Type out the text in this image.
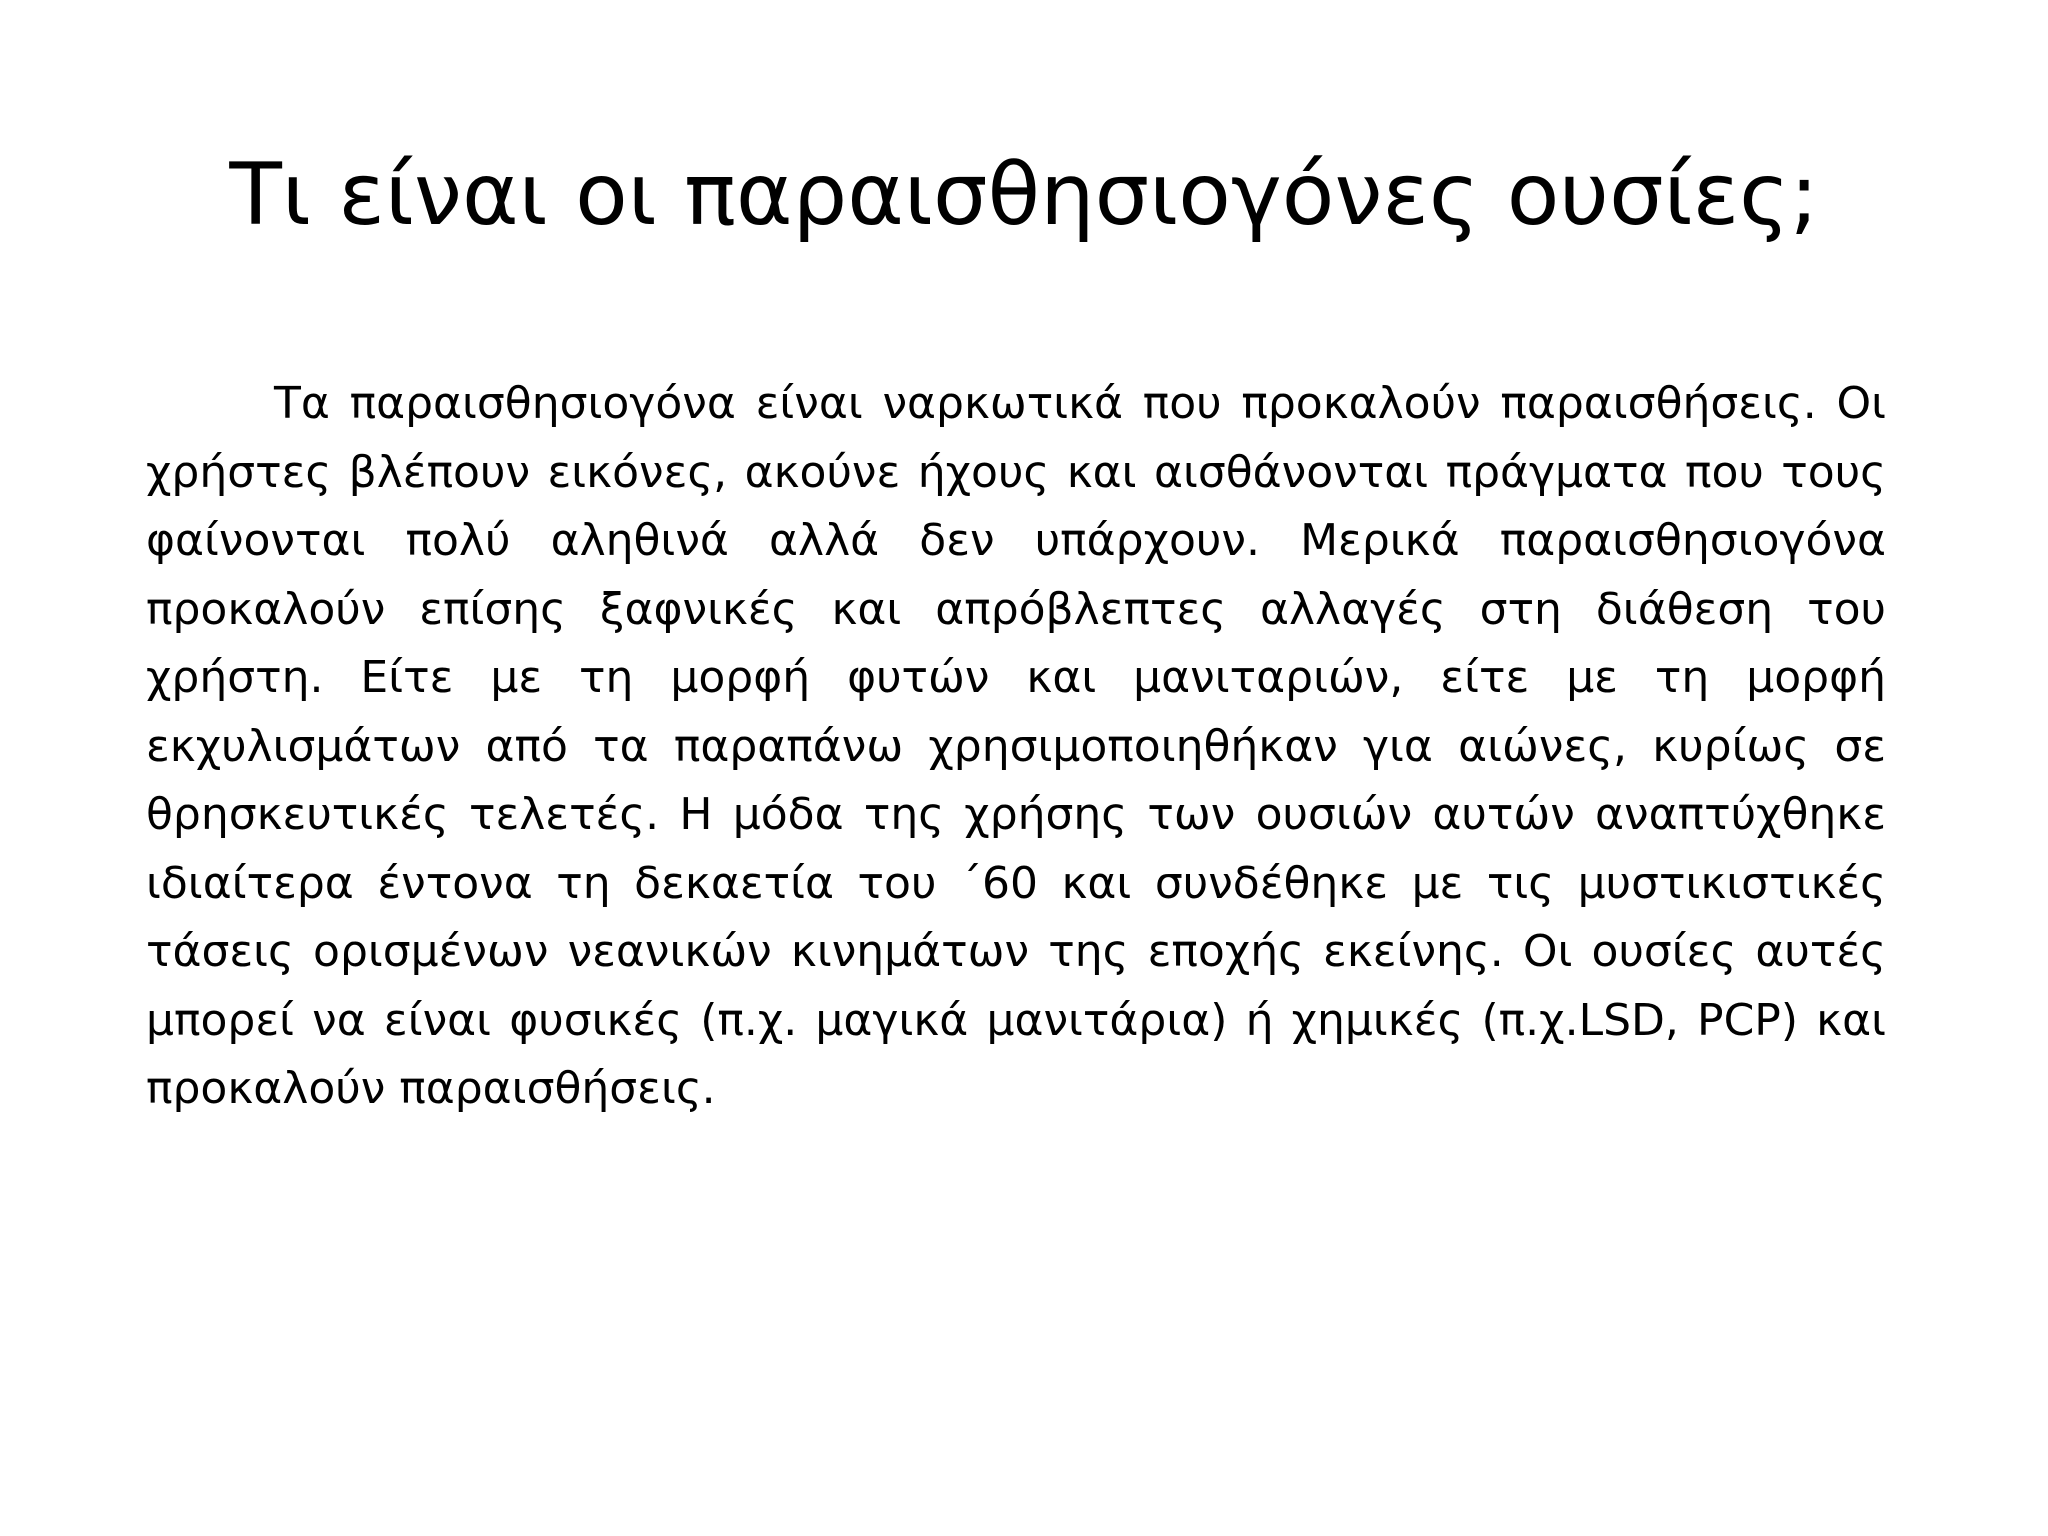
Τι είναι οι παραισθησιογόνες ουσίες;

Τα παραισθησιογόνα είναι ναρκωτικά που προκαλούν παραισθήσεις. Οι χρήστες βλέπουν εικόνες, ακούνε ήχους και αισθάνονται πράγματα που τους φαίνονται πολύ αληθινά αλλά δεν υπάρχουν. Μερικά παραισθησιογόνα προκαλούν επίσης ξαφνικές και απρόβλεπτες αλλαγές στη διάθεση του χρήστη. Είτε με τη μορφή φυτών και μανιταριών, είτε με τη μορφή εκχυλισμάτων από τα παραπάνω χρησιμοποιηθήκαν για αιώνες, κυρίως σε θρησκευτικές τελετές. Η μόδα της χρήσης των ουσιών αυτών αναπτύχθηκε ιδιαίτερα έντονα τη δεκαετία του ΄60 και συνδέθηκε με τις μυστικιστικές τάσεις ορισμένων νεανικών κινημάτων της εποχής εκείνης. Οι ουσίες αυτές μπορεί να είναι φυσικές (π.χ. μαγικά μανιτάρια) ή χημικές (π.χ.LSD, PCP) και προκαλούν παραισθήσεις.
